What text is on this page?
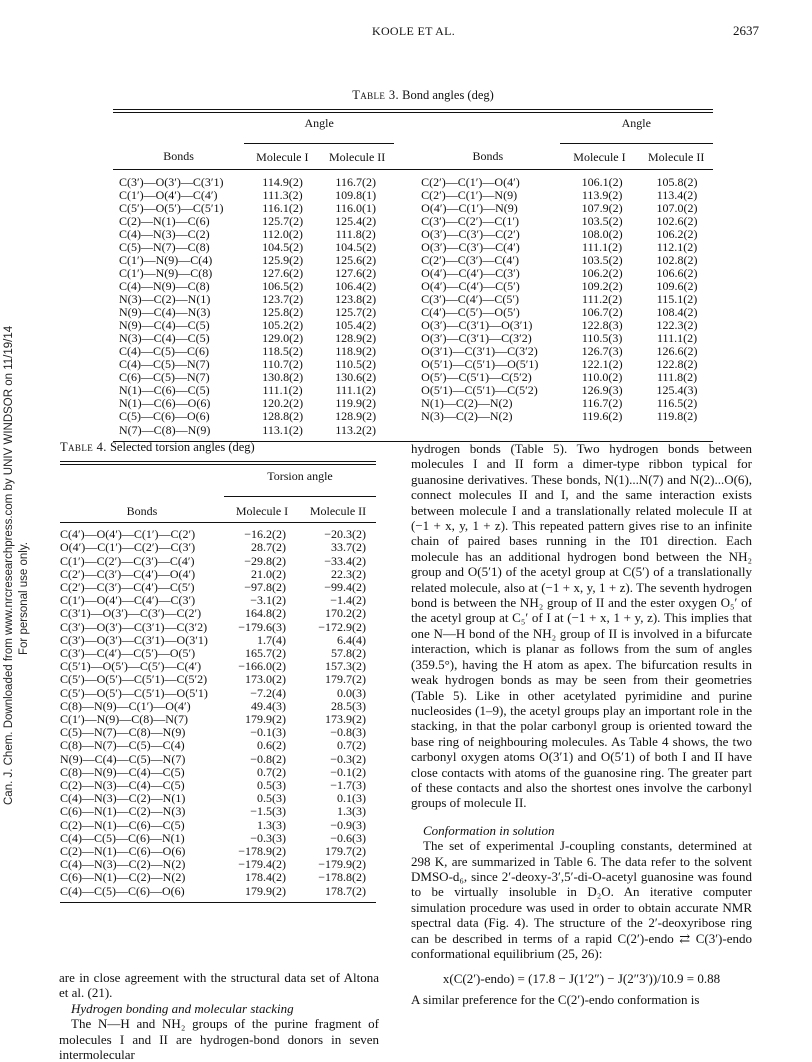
Can. J. Chem. Downloaded from www.nrcresearchpress.com by UNIV WINDSOR on 11/19/14 For personal use only.
KOOLE ET AL.	2637
Table 3. Bond angles (deg)
	Angle				Angle	

Bonds	Molecule I	Molecule II		Bonds	Molecule I	Molecule II
C(3′)—O(3′)—C(3′1)	114.9(2)	116.7(2)		C(2′)—C(1′)—O(4′)	106.1(2)	105.8(2)
C(1′)—O(4′)—C(4′)	111.3(2)	109.8(1)		C(2′)—C(1′)—N(9)	113.9(2)	113.4(2)
C(5′)—O(5′)—C(5′1)	116.1(2)	116.0(1)		O(4′)—C(1′)—N(9)	107.9(2)	107.0(2)
C(2)—N(1)—C(6)	125.7(2)	125.4(2)		C(3′)—C(2′)—C(1′)	103.5(2)	102.6(2)
C(4)—N(3)—C(2)	112.0(2)	111.8(2)		O(3′)—C(3′)—C(2′)	108.0(2)	106.2(2)
C(5)—N(7)—C(8)	104.5(2)	104.5(2)		O(3′)—C(3′)—C(4′)	111.1(2)	112.1(2)
C(1′)—N(9)—C(4)	125.9(2)	125.6(2)		C(2′)—C(3′)—C(4′)	103.5(2)	102.8(2)
C(1′)—N(9)—C(8)	127.6(2)	127.6(2)		O(4′)—C(4′)—C(3′)	106.2(2)	106.6(2)
C(4)—N(9)—C(8)	106.5(2)	106.4(2)		O(4′)—C(4′)—C(5′)	109.2(2)	109.6(2)
N(3)—C(2)—N(1)	123.7(2)	123.8(2)		C(3′)—C(4′)—C(5′)	111.2(2)	115.1(2)
N(9)—C(4)—N(3)	125.8(2)	125.7(2)		C(4′)—C(5′)—O(5′)	106.7(2)	108.4(2)
N(9)—C(4)—C(5)	105.2(2)	105.4(2)		O(3′)—C(3′1)—O(3′1)	122.8(3)	122.3(2)
N(3)—C(4)—C(5)	129.0(2)	128.9(2)		O(3′)—C(3′1)—C(3′2)	110.5(3)	111.1(2)
C(4)—C(5)—C(6)	118.5(2)	118.9(2)		O(3′1)—C(3′1)—C(3′2)	126.7(3)	126.6(2)
C(4)—C(5)—N(7)	110.7(2)	110.5(2)		O(5′1)—C(5′1)—O(5′1)	122.1(2)	122.8(2)
C(6)—C(5)—N(7)	130.8(2)	130.6(2)		O(5′)—C(5′1)—C(5′2)	110.0(2)	111.8(2)
N(1)—C(6)—C(5)	111.1(2)	111.1(2)		O(5′1)—C(5′1)—C(5′2)	126.9(3)	125.4(3)
N(1)—C(6)—O(6)	120.2(2)	119.9(2)		N(1)—C(2)—N(2)	116.7(2)	116.5(2)
C(5)—C(6)—O(6)	128.8(2)	128.9(2)		N(3)—C(2)—N(2)	119.6(2)	119.8(2)
N(7)—C(8)—N(9)	113.1(2)	113.2(2)				
Table 4. Selected torsion angles (deg)
	Torsion angle	

Bonds	Molecule I	Molecule II
C(4′)—O(4′)—C(1′)—C(2′)	−16.2(2)	−20.3(2)
O(4′)—C(1′)—C(2′)—C(3′)	28.7(2)	33.7(2)
C(1′)—C(2′)—C(3′)—C(4′)	−29.8(2)	−33.4(2)
C(2′)—C(3′)—C(4′)—O(4′)	21.0(2)	22.3(2)
C(2′)—C(3′)—C(4′)—C(5′)	−97.8(2)	−99.4(2)
C(1′)—O(4′)—C(4′)—C(3′)	−3.1(2)	−1.4(2)
C(3′1)—O(3′)—C(3′)—C(2′)	164.8(2)	170.2(2)
C(3′)—O(3′)—C(3′1)—C(3′2)	−179.6(3)	−172.9(2)
C(3′)—O(3′)—C(3′1)—O(3′1)	1.7(4)	6.4(4)
C(3′)—C(4′)—C(5′)—O(5′)	165.7(2)	57.8(2)
C(5′1)—O(5′)—C(5′)—C(4′)	−166.0(2)	157.3(2)
C(5′)—O(5′)—C(5′1)—C(5′2)	173.0(2)	179.7(2)
C(5′)—O(5′)—C(5′1)—O(5′1)	−7.2(4)	0.0(3)
C(8)—N(9)—C(1′)—O(4′)	49.4(3)	28.5(3)
C(1′)—N(9)—C(8)—N(7)	179.9(2)	173.9(2)
C(5)—N(7)—C(8)—N(9)	−0.1(3)	−0.8(3)
C(8)—N(7)—C(5)—C(4)	0.6(2)	0.7(2)
N(9)—C(4)—C(5)—N(7)	−0.8(2)	−0.3(2)
C(8)—N(9)—C(4)—C(5)	0.7(2)	−0.1(2)
C(2)—N(3)—C(4)—C(5)	0.5(3)	−1.7(3)
C(4)—N(3)—C(2)—N(1)	0.5(3)	0.1(3)
C(6)—N(1)—C(2)—N(3)	−1.5(3)	1.3(3)
C(2)—N(1)—C(6)—C(5)	1.3(3)	−0.9(3)
C(4)—C(5)—C(6)—N(1)	−0.3(3)	−0.6(3)
C(2)—N(1)—C(6)—O(6)	−178.9(2)	179.7(2)
C(4)—N(3)—C(2)—N(2)	−179.4(2)	−179.9(2)
C(6)—N(1)—C(2)—N(2)	178.4(2)	−178.8(2)
C(4)—C(5)—C(6)—O(6)	179.9(2)	178.7(2)

are in close agreement with the structural data set of Altona et al. (21).

Hydrogen bonding and molecular stacking

The N—H and NH₂ groups of the purine fragment of molecules I and II are hydrogen-bond donors in seven intermolecular

hydrogen bonds (Table 5). Two hydrogen bonds between molecules I and II form a dimer-type ribbon typical for guanosine derivatives. These bonds, N(1)...N(7) and N(2)...O(6), connect molecules II and I, and the same interaction exists between molecule I and a translationally related molecule II at (−1 + x, y, 1 + z). This repeated pattern gives rise to an infinite chain of paired bases running in the 1̄01 direction. Each molecule has an additional hydrogen bond between the NH₂ group and O(5′1) of the acetyl group at C(5′) of a translationally related molecule, also at (−1 + x, y, 1 + z). The seventh hydrogen bond is between the NH₂ group of II and the ester oxygen O₅′ of the acetyl group at C₅′ of I at (−1 + x, 1 + y, z). This implies that one N—H bond of the NH₂ group of II is involved in a bifurcate interaction, which is planar as follows from the sum of angles (359.5°), having the H atom as apex. The bifurcation results in weak hydrogen bonds as may be seen from their geometries (Table 5). Like in other acetylated pyrimidine and purine nucleosides (1–9), the acetyl groups play an important role in the stacking, in that the polar carbonyl group is oriented toward the base ring of neighbouring molecules. As Table 4 shows, the two carbonyl oxygen atoms O(3′1) and O(5′1) of both I and II have close contacts with atoms of the guanosine ring. The greater part of these contacts and also the shortest ones involve the carbonyl groups of molecule II.

Conformation in solution

The set of experimental J-coupling constants, determined at 298 K, are summarized in Table 6. The data refer to the solvent DMSO-d₆, since 2′-deoxy-3′,5′-di-O-acetyl guanosine was found to be virtually insoluble in D₂O. An iterative computer simulation procedure was used in order to obtain accurate NMR spectral data (Fig. 4). The structure of the 2′-deoxyribose ring can be described in terms of a rapid C(2′)-endo ⇄ C(3′)-endo conformational equilibrium (25, 26):

x(C(2′)-endo) = (17.8 − J(1′2″) − J(2″3′))/10.9 = 0.88

A similar preference for the C(2′)-endo conformation is
